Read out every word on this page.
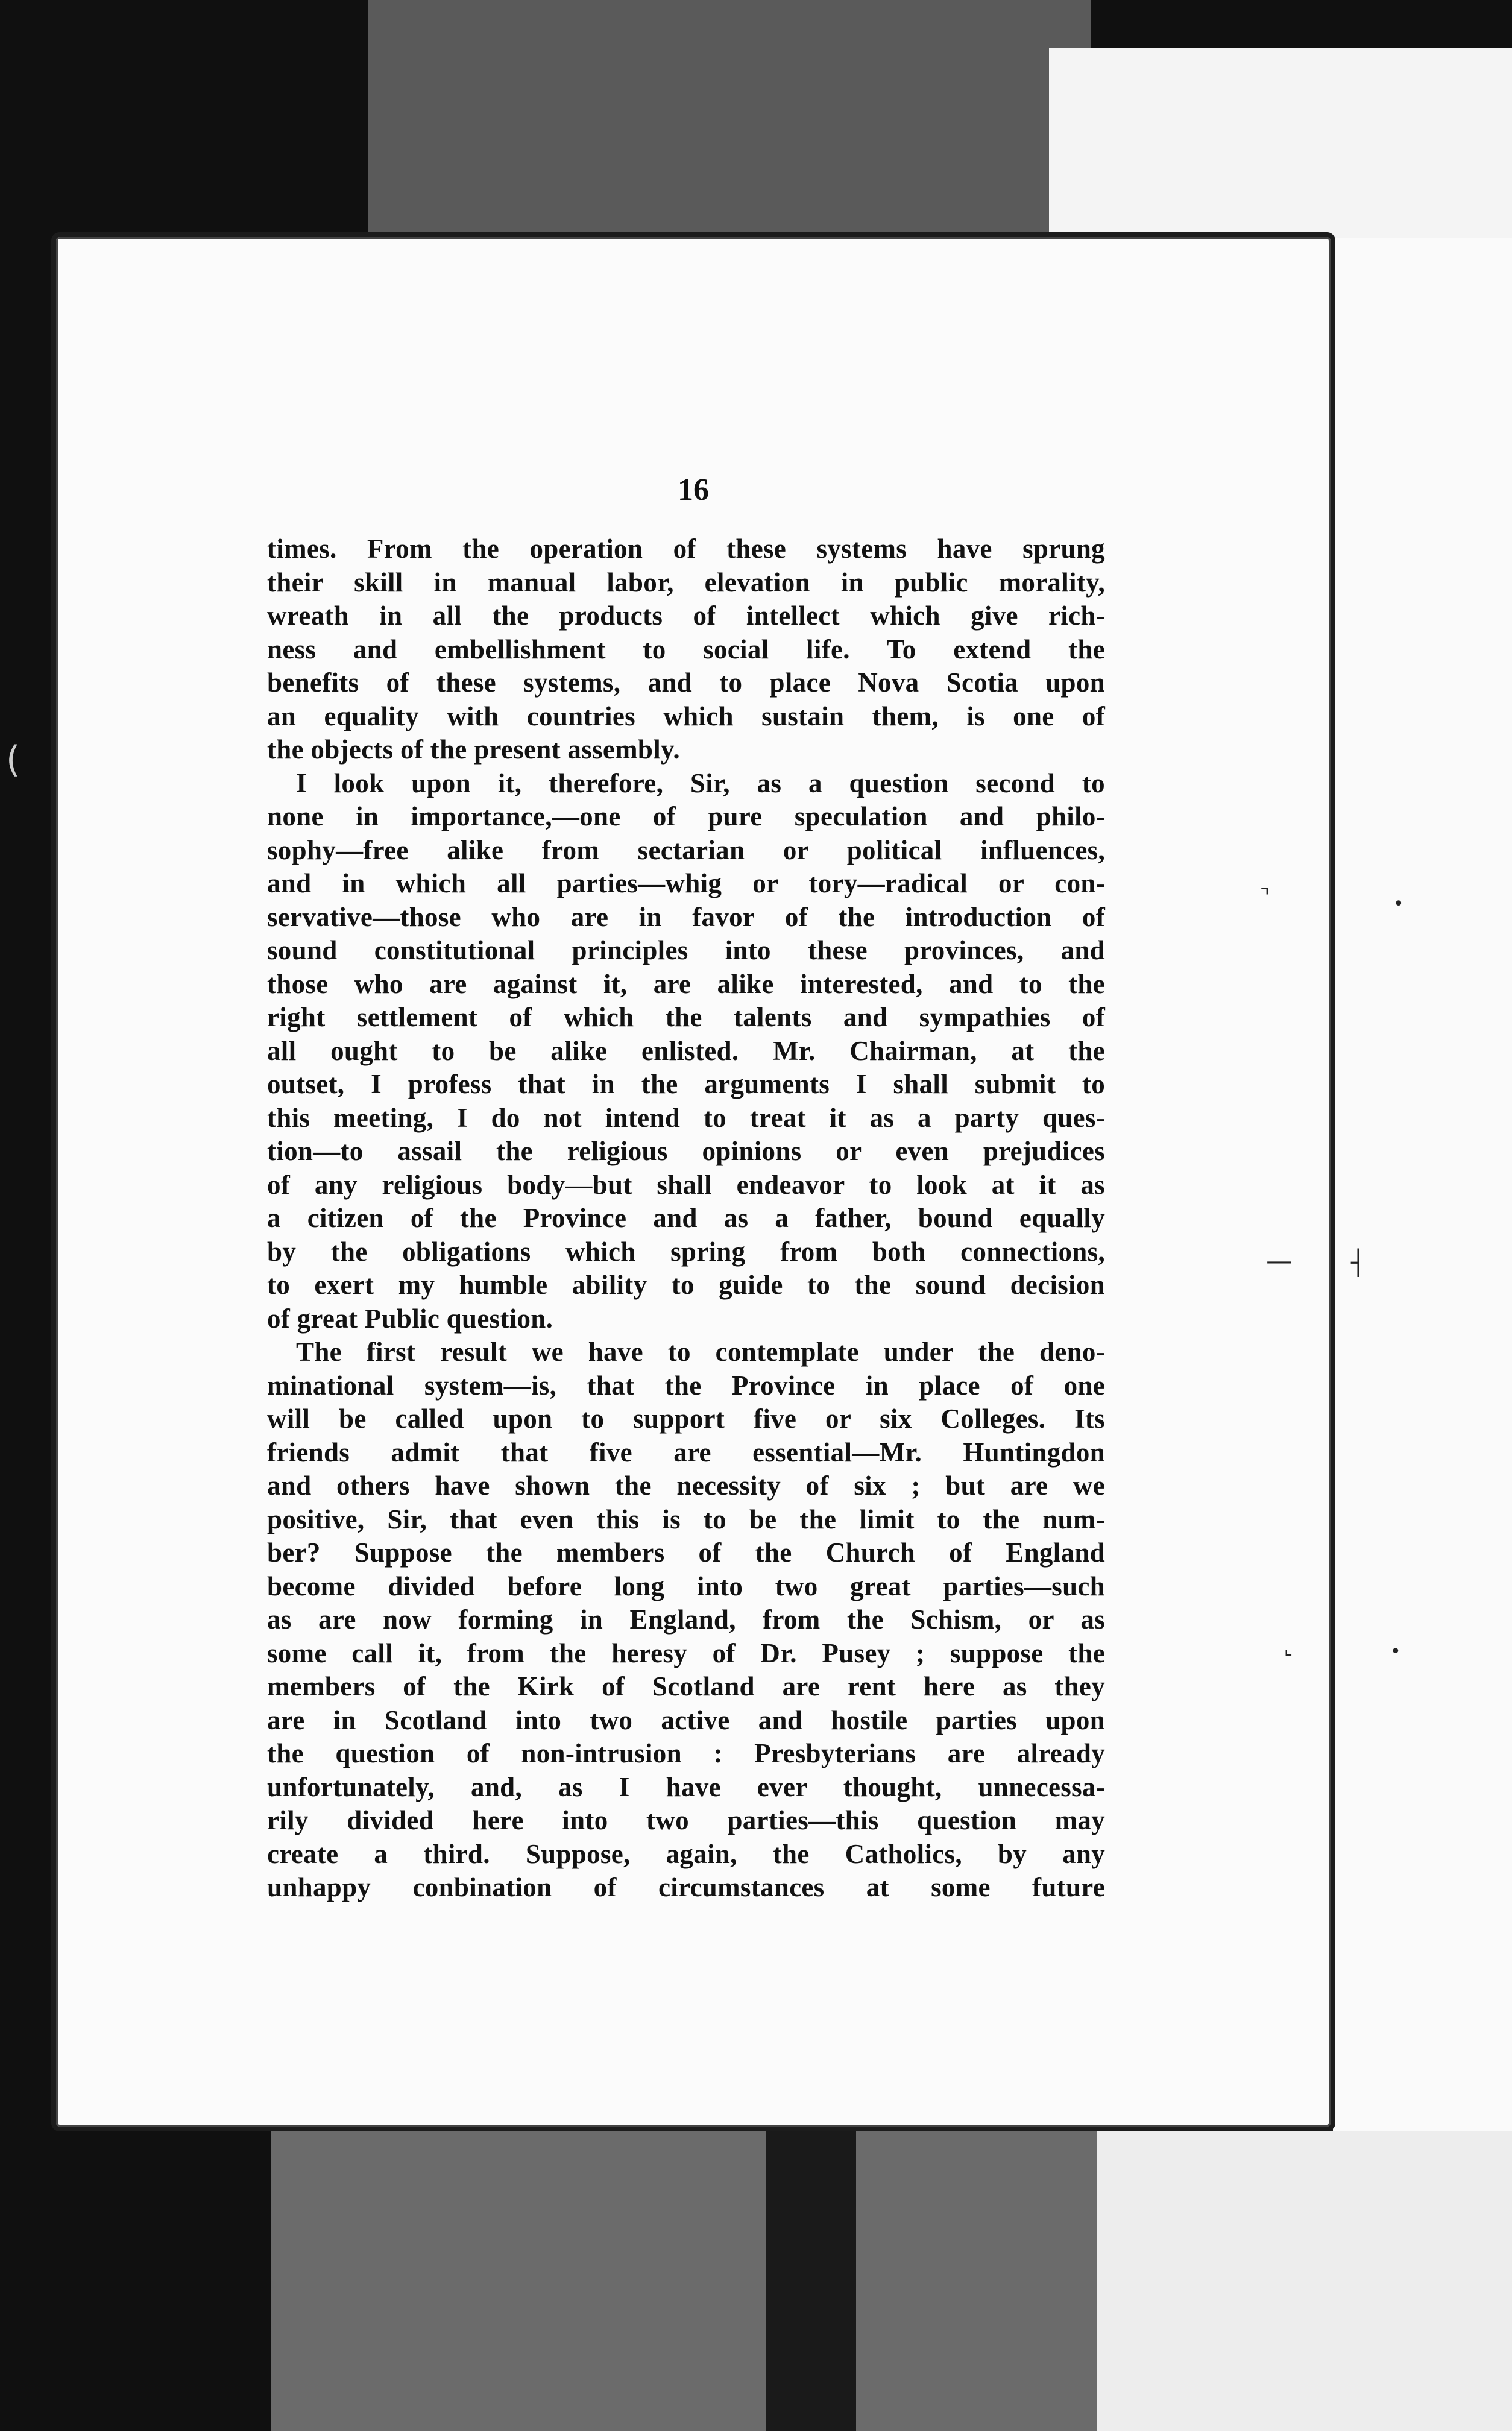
•
•
┤
16
times. From the operation of these systems have sprung
their skill in manual labor, elevation in public morality,
wreath in all the products of intellect which give rich-
ness and embellishment to social life. To extend the
benefits of these systems, and to place Nova Scotia upon
an equality with countries which sustain them, is one of
the objects of the present assembly.
I look upon it, therefore, Sir, as a question second to
none in importance,—one of pure speculation and philo-
sophy—free alike from sectarian or political influences,
and in which all parties—whig or tory—radical or con-
servative—those who are in favor of the introduction of
sound constitutional principles into these provinces, and
those who are against it, are alike interested, and to the
right settlement of which the talents and sympathies of
all ought to be alike enlisted. Mr. Chairman, at the
outset, I profess that in the arguments I shall submit to
this meeting, I do not intend to treat it as a party ques-
tion—to assail the religious opinions or even prejudices
of any religious body—but shall endeavor to look at it as
a citizen of the Province and as a father, bound equally
by the obligations which spring from both connections,
to exert my humble ability to guide to the sound decision
of great Public question.
The first result we have to contemplate under the deno-
minational system—is, that the Province in place of one
will be called upon to support five or six Colleges. Its
friends admit that five are essential—Mr. Huntingdon
and others have shown the necessity of six ; but are we
positive, Sir, that even this is to be the limit to the num-
ber? Suppose the members of the Church of England
become divided before long into two great parties—such
as are now forming in England, from the Schism, or as
some call it, from the heresy of Dr. Pusey ; suppose the
members of the Kirk of Scotland are rent here as they
are in Scotland into two active and hostile parties upon
the question of non-intrusion : Presbyterians are already
unfortunately, and, as I have ever thought, unnecessa-
rily divided here into two parties—this question may
create a third. Suppose, again, the Catholics, by any
unhappy conbination of circumstances at some future
⌝
—
⌞
(
